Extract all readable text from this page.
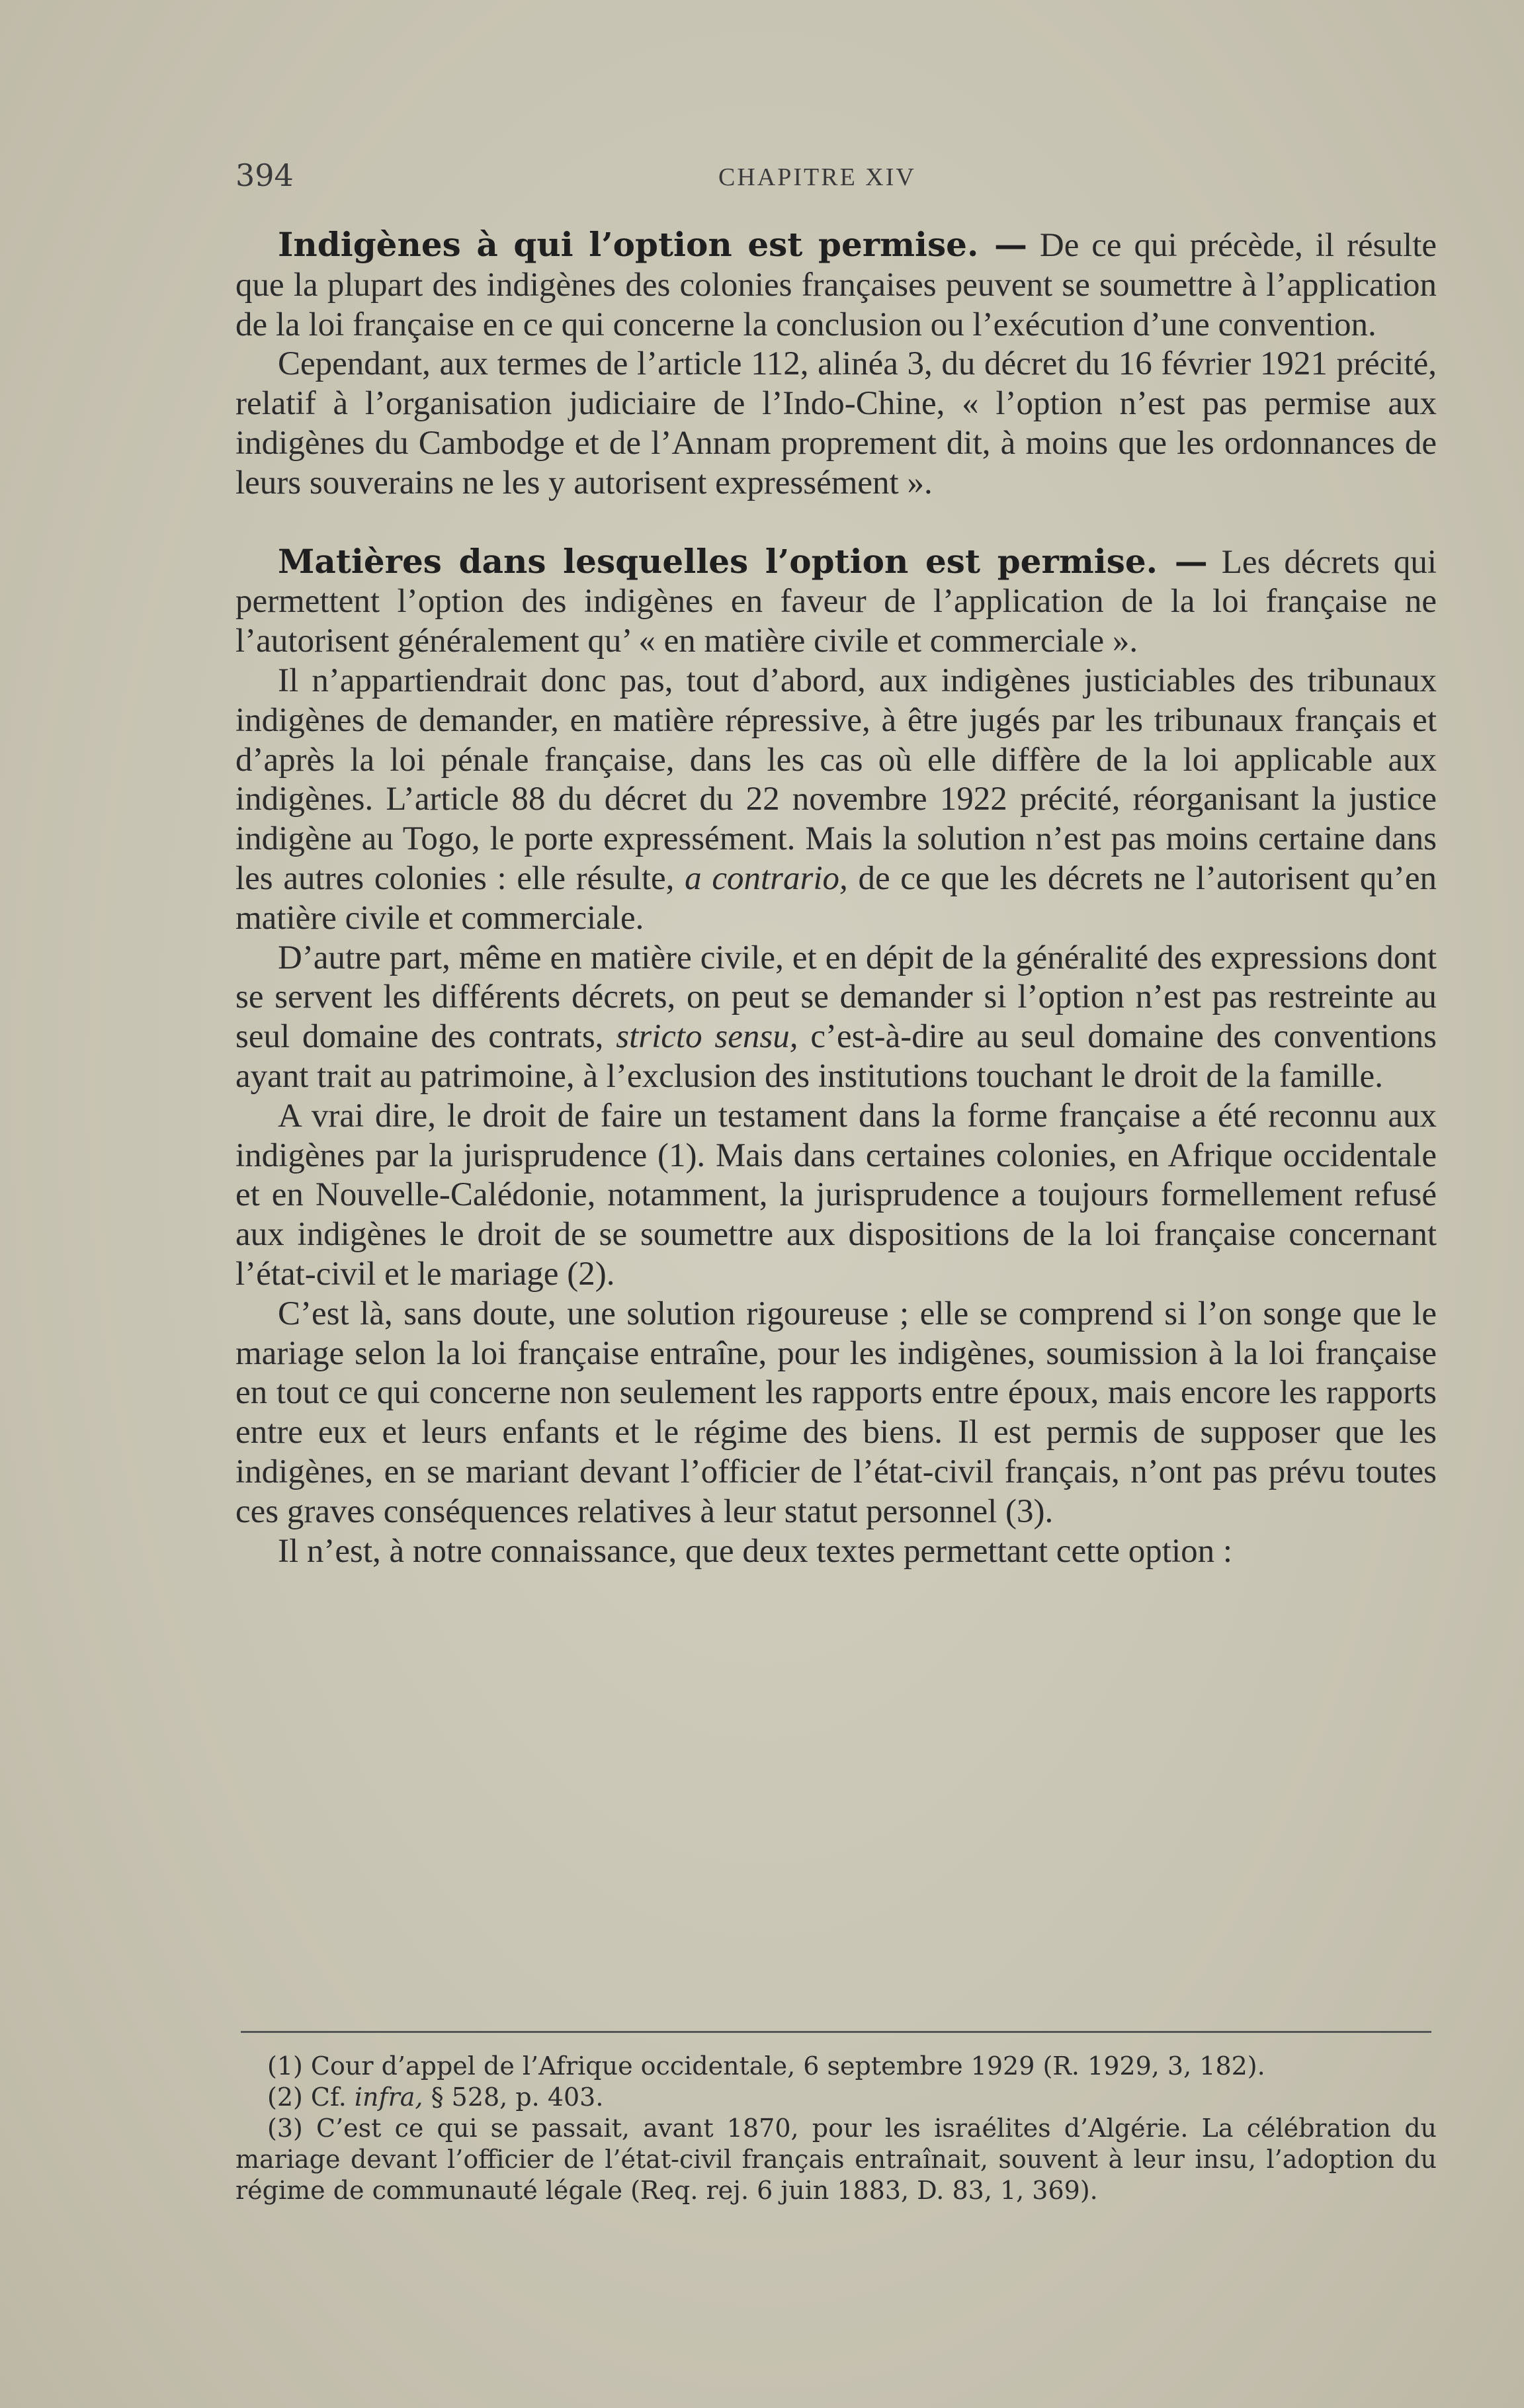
394	CHAPITRE XIV

Indigènes à qui l’option est permise. — De ce qui précède, il résulte que la plupart des indigènes des colonies françaises peuvent se soumettre à l’application de la loi française en ce qui concerne la conclusion ou l’exécution d’une convention.

Cependant, aux termes de l’article 112, alinéa 3, du décret du 16 février 1921 précité, relatif à l’organisation judiciaire de l’Indo-Chine, « l’option n’est pas permise aux indigènes du Cambodge et de l’Annam proprement dit, à moins que les ordonnances de leurs souverains ne les y autorisent expressément ».

Matières dans lesquelles l’option est permise. — Les décrets qui permettent l’option des indigènes en faveur de l’application de la loi française ne l’autorisent généralement qu’ « en matière civile et commerciale ».

Il n’appartiendrait donc pas, tout d’abord, aux indigènes justiciables des tribunaux indigènes de demander, en matière répressive, à être jugés par les tribunaux français et d’après la loi pénale française, dans les cas où elle diffère de la loi applicable aux indigènes. L’article 88 du décret du 22 novembre 1922 précité, réorganisant la justice indigène au Togo, le porte expressément. Mais la solution n’est pas moins certaine dans les autres colonies : elle résulte, a contrario, de ce que les décrets ne l’autorisent qu’en matière civile et commerciale.

D’autre part, même en matière civile, et en dépit de la généralité des expressions dont se servent les différents décrets, on peut se demander si l’option n’est pas restreinte au seul domaine des contrats, stricto sensu, c’est-à-dire au seul domaine des conventions ayant trait au patrimoine, à l’exclusion des institutions touchant le droit de la famille.

A vrai dire, le droit de faire un testament dans la forme française a été reconnu aux indigènes par la jurisprudence (1). Mais dans certaines colonies, en Afrique occidentale et en Nouvelle-Calédonie, notamment, la jurisprudence a toujours formellement refusé aux indigènes le droit de se soumettre aux dispositions de la loi française concernant l’état-civil et le mariage (2).

C’est là, sans doute, une solution rigoureuse ; elle se comprend si l’on songe que le mariage selon la loi française entraîne, pour les indigènes, soumission à la loi française en tout ce qui concerne non seulement les rapports entre époux, mais encore les rapports entre eux et leurs enfants et le régime des biens. Il est permis de supposer que les indigènes, en se mariant devant l’officier de l’état-civil français, n’ont pas prévu toutes ces graves conséquences relatives à leur statut personnel (3).

Il n’est, à notre connaissance, que deux textes permettant cette option :

(1) Cour d’appel de l’Afrique occidentale, 6 septembre 1929 (R. 1929, 3, 182).

(2) Cf. infra, § 528, p. 403.

(3) C’est ce qui se passait, avant 1870, pour les israélites d’Algérie. La célébration du mariage devant l’officier de l’état-civil français entraînait, souvent à leur insu, l’adoption du régime de communauté légale (Req. rej. 6 juin 1883, D. 83, 1, 369).
